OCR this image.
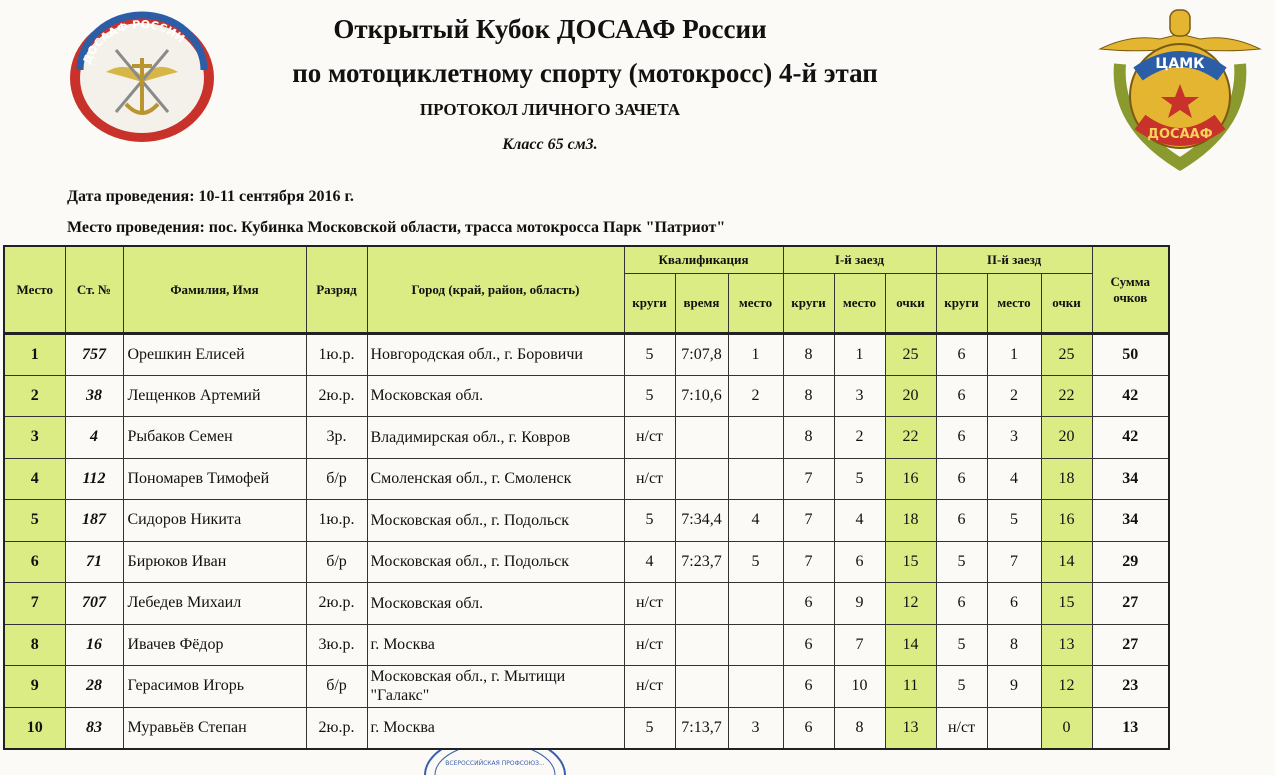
ДОСААФ РОССИИ
ЦАМК
ДОСААФ
ВСЕРОССИЙСКАЯ ПРОФСОЮЗ...
Открытый Кубок ДОСААФ России
по мотоциклетному спорту (мотокросс) 4-й этап
ПРОТОКОЛ ЛИЧНОГО ЗАЧЕТА
Класс 65 см3.
Дата проведения: 10-11 сентября 2016 г.
Место проведения: пос. Кубинка Московской области, трасса мотокросса Парк "Патриот"
Место	Ст. №	Фамилия, Имя	Разряд	Город (край, район, область)	Квалификация			I-й заезд			II-й заезд			Сумма очков
					круги	время	место	круги	место	очки	круги	место	очки	
1	757	Орешкин Елисей	1ю.р.	Новгородская обл., г. Боровичи	5	7:07,8	1	8	1	25	6	1	25	50
2	38	Лещенков Артемий	2ю.р.	Московская обл.	5	7:10,6	2	8	3	20	6	2	22	42
3	4	Рыбаков Семен	3р.	Владимирская обл., г. Ковров	н/ст			8	2	22	6	3	20	42
4	112	Пономарев Тимофей	б/р	Смоленская обл., г. Смоленск	н/ст			7	5	16	6	4	18	34
5	187	Сидоров Никита	1ю.р.	Московская обл., г. Подольск	5	7:34,4	4	7	4	18	6	5	16	34
6	71	Бирюков Иван	б/р	Московская обл., г. Подольск	4	7:23,7	5	7	6	15	5	7	14	29
7	707	Лебедев Михаил	2ю.р.	Московская обл.	н/ст			6	9	12	6	6	15	27
8	16	Ивачев Фёдор	3ю.р.	г. Москва	н/ст			6	7	14	5	8	13	27
9	28	Герасимов Игорь	б/р	Московская обл., г. Мытищи "Галакс"	н/ст			6	10	11	5	9	12	23
10	83	Муравьёв Степан	2ю.р.	г. Москва	5	7:13,7	3	6	8	13	н/ст		0	13
